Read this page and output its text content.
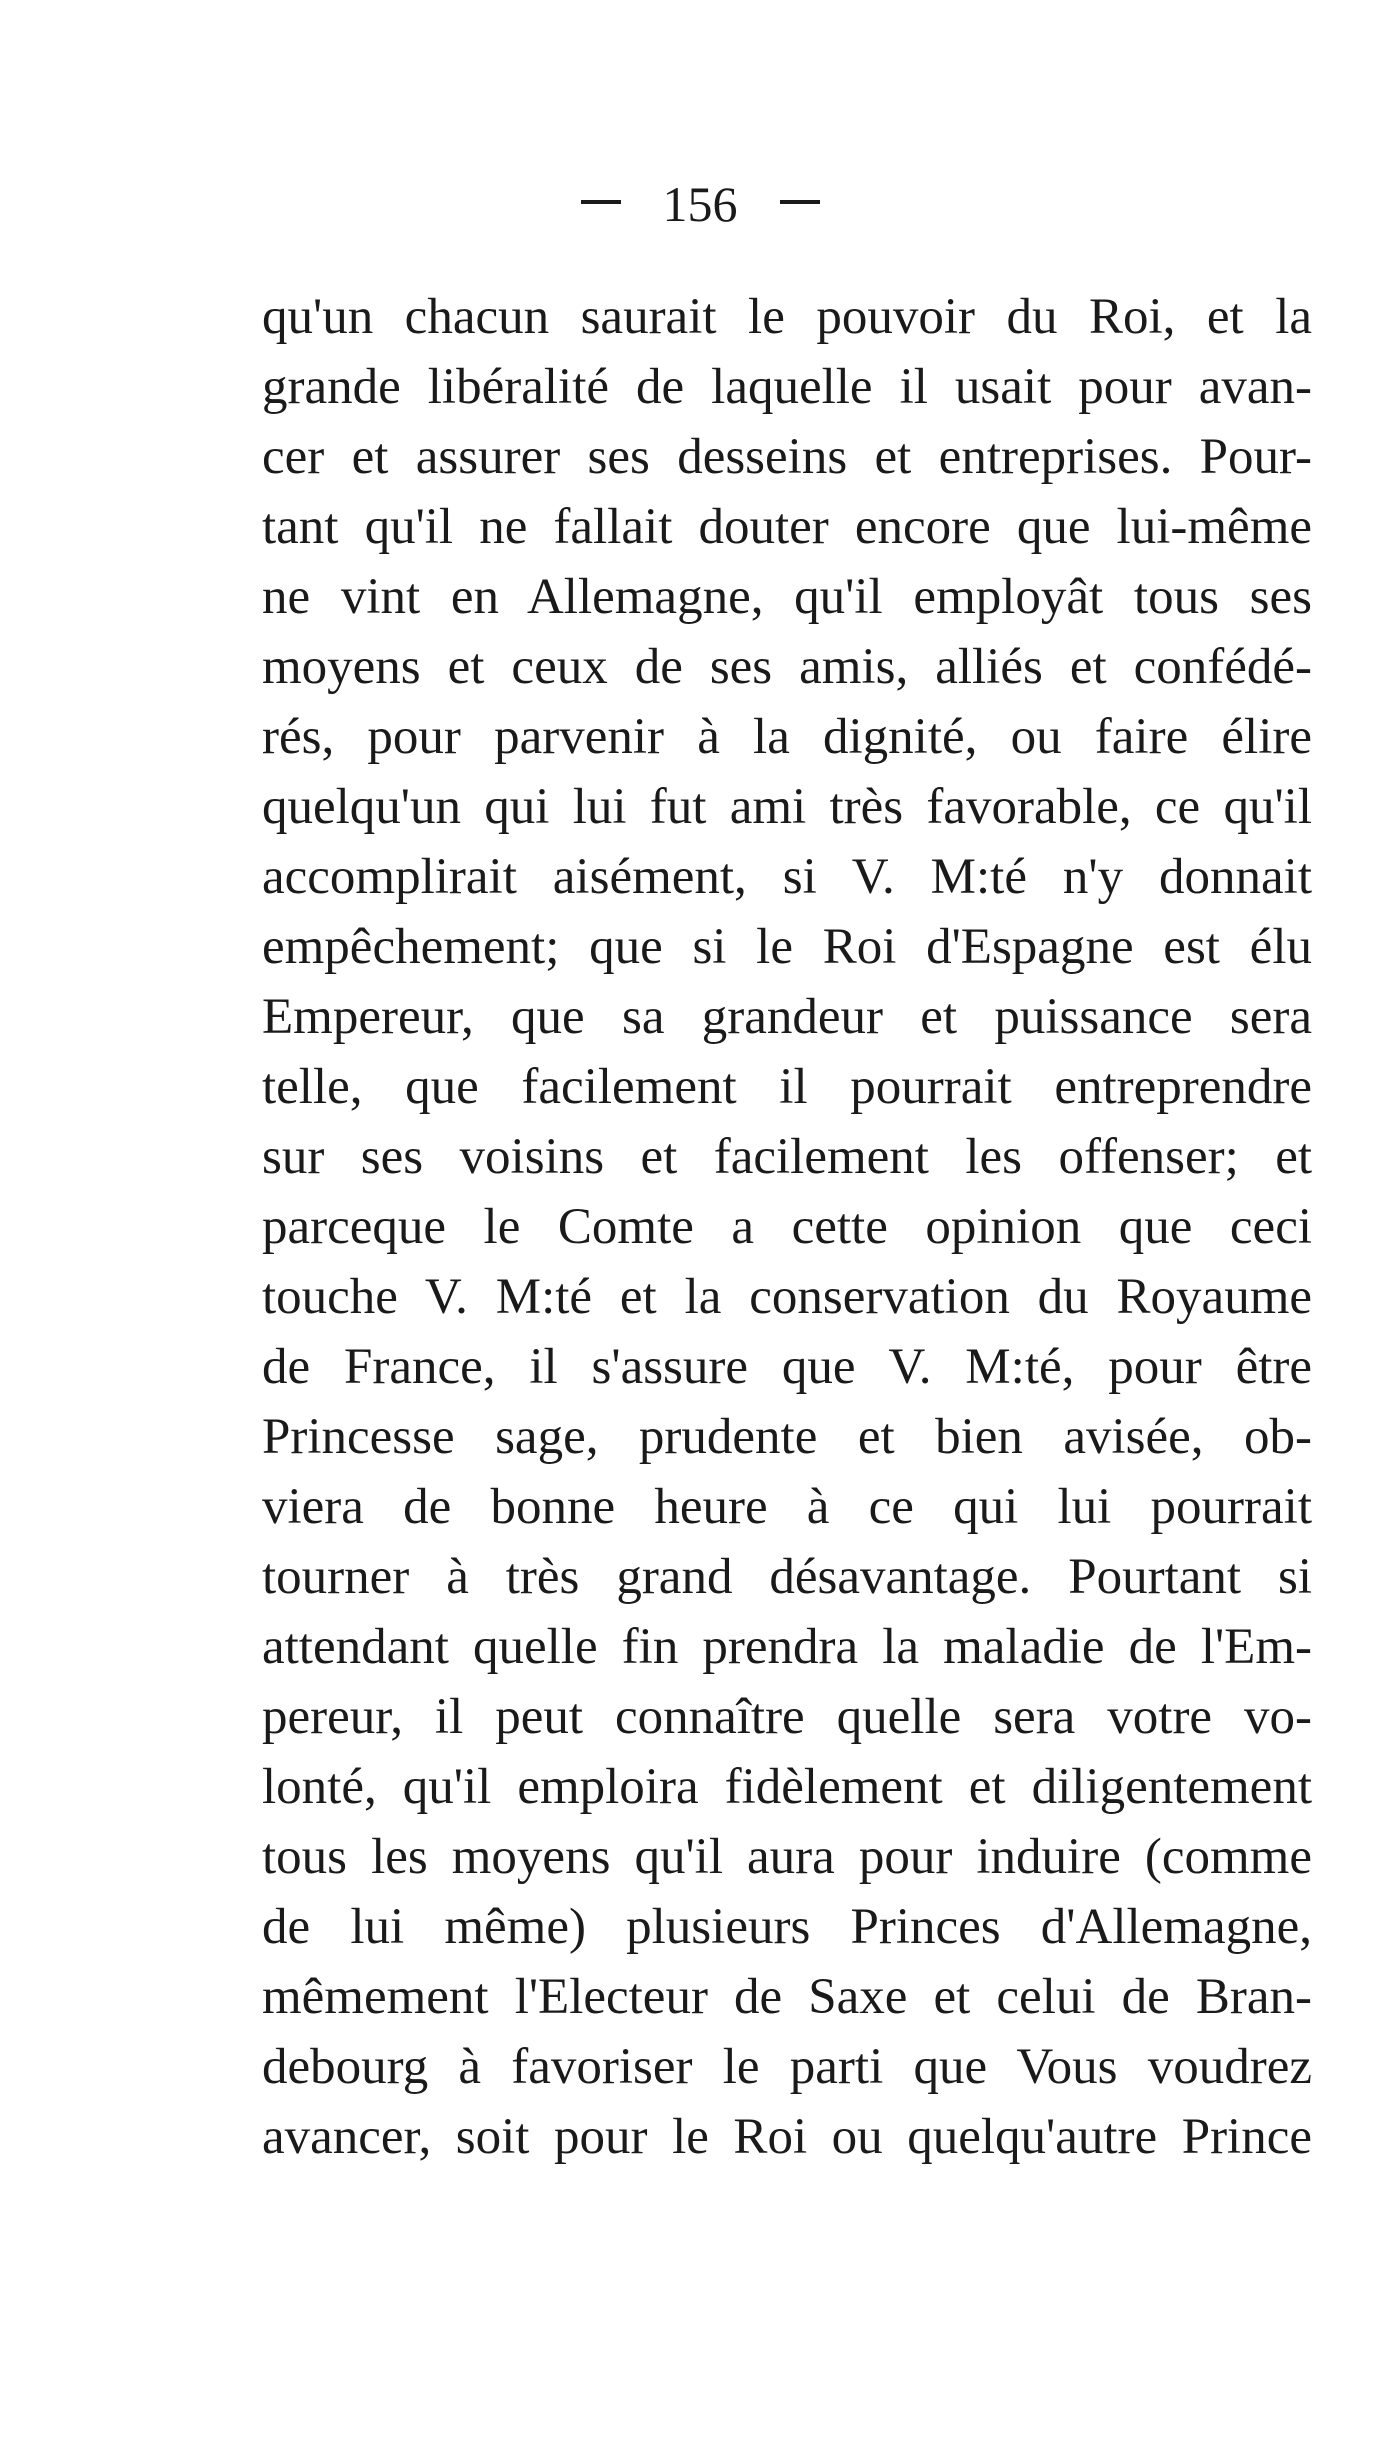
156
qu'un chacun saurait le pouvoir du Roi, et la
grande libéralité de laquelle il usait pour avan-
cer et assurer ses desseins et entreprises. Pour-
tant qu'il ne fallait douter encore que lui-même
ne vint en Allemagne, qu'il employât tous ses
moyens et ceux de ses amis, alliés et confédé-
rés, pour parvenir à la dignité, ou faire élire
quelqu'un qui lui fut ami très favorable, ce qu'il
accomplirait aisément, si V. M:té n'y donnait
empêchement; que si le Roi d'Espagne est élu
Empereur, que sa grandeur et puissance sera
telle, que facilement il pourrait entreprendre
sur ses voisins et facilement les offenser; et
parceque le Comte a cette opinion que ceci
touche V. M:té et la conservation du Royaume
de France, il s'assure que V. M:té, pour être
Princesse sage, prudente et bien avisée, ob-
viera de bonne heure à ce qui lui pourrait
tourner à très grand désavantage. Pourtant si
attendant quelle fin prendra la maladie de l'Em-
pereur, il peut connaître quelle sera votre vo-
lonté, qu'il emploira fidèlement et diligentement
tous les moyens qu'il aura pour induire (comme
de lui même) plusieurs Princes d'Allemagne,
mêmement l'Electeur de Saxe et celui de Bran-
debourg à favoriser le parti que Vous voudrez
avancer, soit pour le Roi ou quelqu'autre Prince
